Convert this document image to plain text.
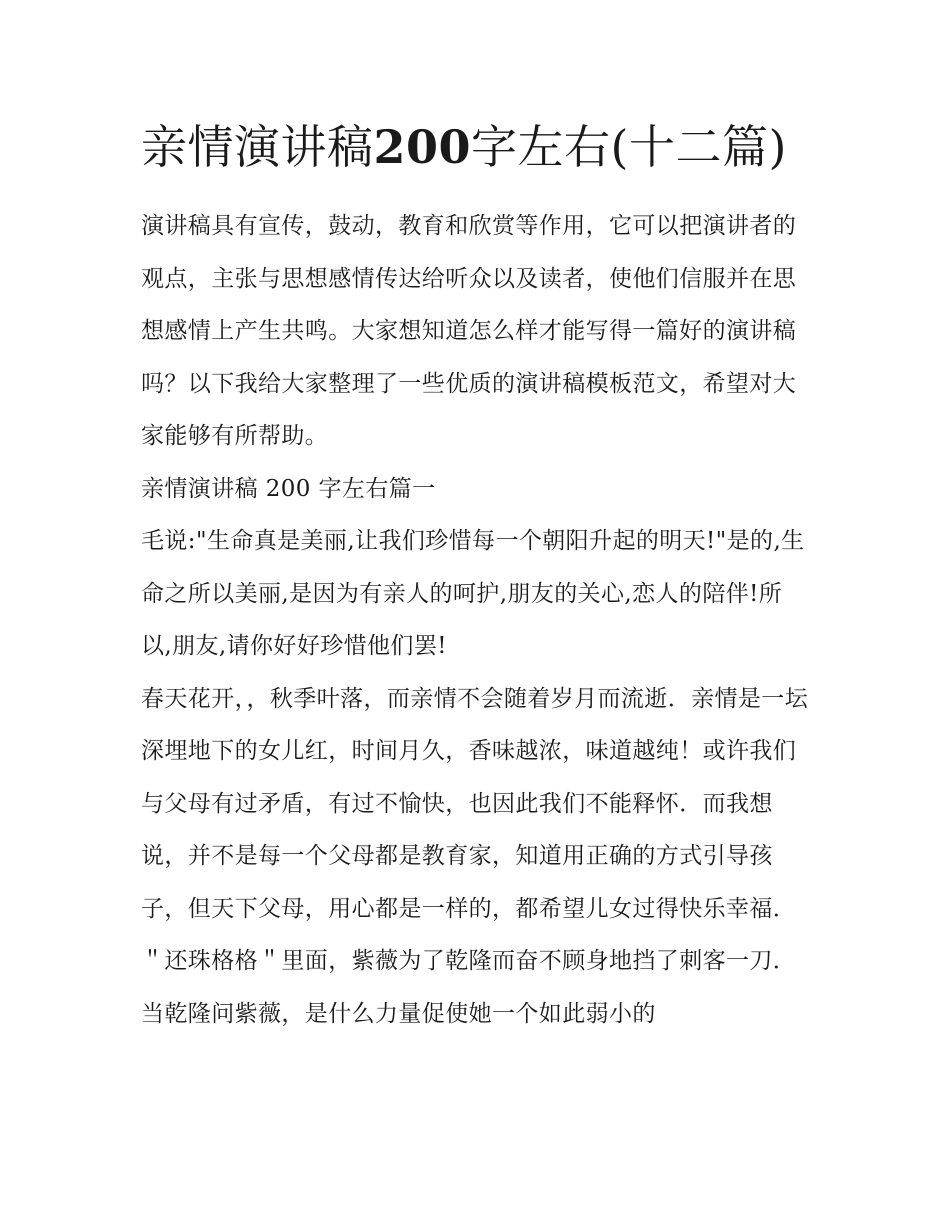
亲情演讲稿200字左右(十二篇)

演讲稿具有宣传，鼓动，教育和欣赏等作用，它可以把演讲者的观点，主张与思想感情传达给听众以及读者，使他们信服并在思想感情上产生共鸣。大家想知道怎么样才能写得一篇好的演讲稿吗？以下我给大家整理了一些优质的演讲稿模板范文，希望对大家能够有所帮助。

亲情演讲稿 200 字左右篇一

毛说:"生命真是美丽,让我们珍惜每一个朝阳升起的明天!"是的,生命之所以美丽,是因为有亲人的呵护,朋友的关心,恋人的陪伴!所以,朋友,请你好好珍惜他们罢!

春天花开，，秋季叶落，而亲情不会随着岁月而流逝．亲情是一坛深埋地下的女儿红，时间月久，香味越浓，味道越纯！或许我们与父母有过矛盾，有过不愉快，也因此我们不能释怀．而我想说，并不是每一个父母都是教育家，知道用正确的方式引导孩子，但天下父母，用心都是一样的，都希望儿女过得快乐幸福．＂还珠格格＂里面，紫薇为了乾隆而奋不顾身地挡了刺客一刀．当乾隆问紫薇，是什么力量促使她一个如此弱小的
